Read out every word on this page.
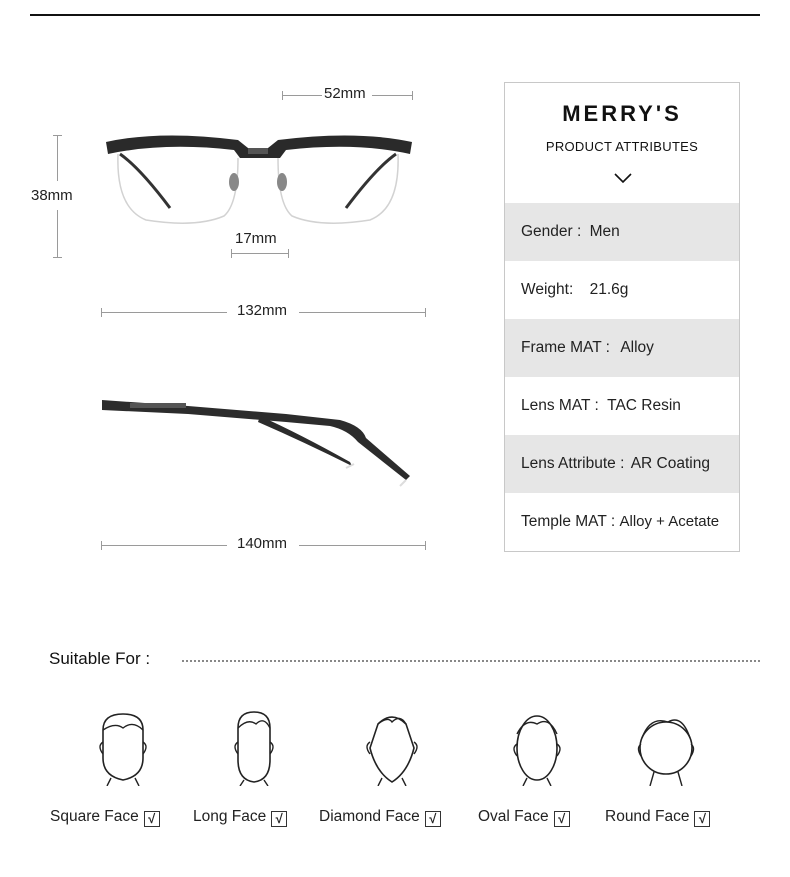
52mm
38mm
17mm
132mm
140mm
MERRY'S
PRODUCT ATTRIBUTES
Gender : Men
Weight: 21.6g
Frame MAT : Alloy
Lens MAT : TAC Resin
Lens Attribute : AR Coating
Temple MAT : Alloy + Acetate
Suitable For :
Square Face √ Long Face √ Diamond Face √	Oval Face √	Round Face √
